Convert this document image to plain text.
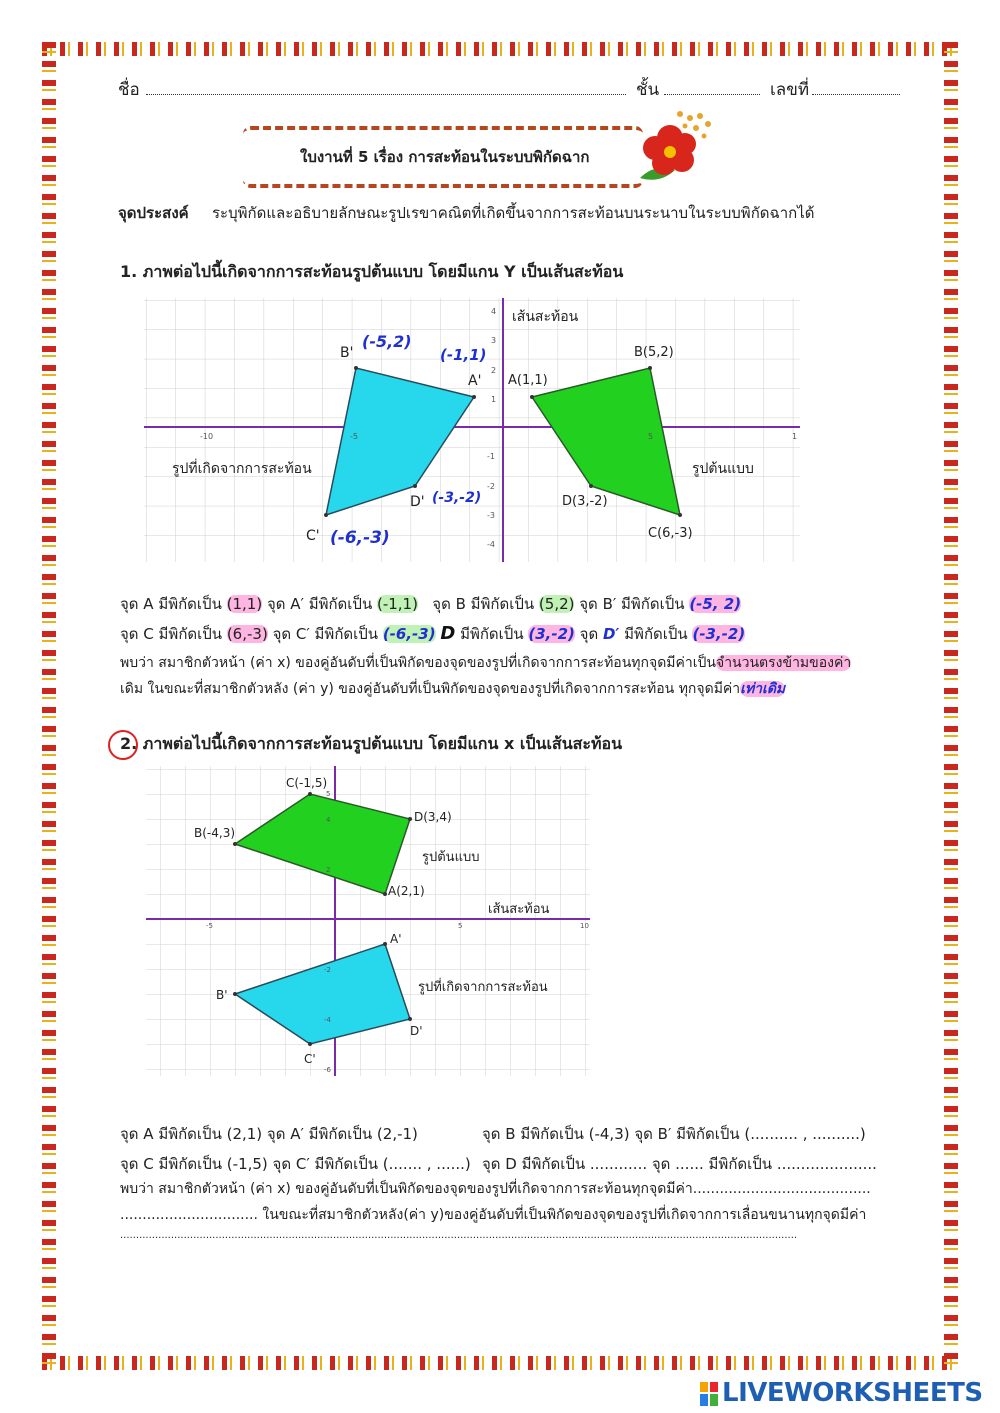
ชื่อ	ชั้น	เลขที่
ใบงานที่ 5 เรื่อง การสะท้อนในระบบพิกัดฉาก
จุดประสงค์ ระบุพิกัดและอธิบายลักษณะรูปเรขาคณิตที่เกิดขึ้นจากการสะท้อนบนระนาบในระบบพิกัดฉากได้
1. ภาพต่อไปนี้เกิดจากการสะท้อนรูปต้นแบบ โดยมีแกน Y เป็นเส้นสะท้อน
เส้นสะท้อน
รูปที่เกิดจากการสะท้อน	รูปต้นแบบ
A(1,1)
B(5,2)
C(6,-3)
D(3,-2)
A'
B'
C'
D'
(-5,2)
(-1,1)
(-6,-3)
(-3,-2)
-10	-5	5	1
4
3
2
1
-1
-2
-3
-4
จุด A มีพิกัดเป็น (1,1) จุด A′ มีพิกัดเป็น (-1,1) จุด B มีพิกัดเป็น (5,2) จุด B′ มีพิกัดเป็น (-5, 2)
จุด C มีพิกัดเป็น (6,-3) จุด C′ มีพิกัดเป็น (-6,-3) D มีพิกัดเป็น (3,-2) จุด D′ มีพิกัดเป็น (-3,-2)
พบว่า สมาชิกตัวหน้า (ค่า x) ของคู่อันดับที่เป็นพิกัดของจุดของรูปที่เกิดจากการสะท้อนทุกจุดมีค่าเป็นจำนวนตรงข้ามของค่า
เดิม ในขณะที่สมาชิกตัวหลัง (ค่า y) ของคู่อันดับที่เป็นพิกัดของจุดของรูปที่เกิดจากการสะท้อน ทุกจุดมีค่าเท่าเดิม
2. ภาพต่อไปนี้เกิดจากการสะท้อนรูปต้นแบบ โดยมีแกน x เป็นเส้นสะท้อน
A(2,1)
B(-4,3)
C(-1,5)
D(3,4)
รูปต้นแบบ
เส้นสะท้อน
A'
B'
C'
D'
รูปที่เกิดจากการสะท้อน
-5	5	10
5
4
2
-2
-4
-6
จุด A มีพิกัดเป็น (2,1) จุด A′ มีพิกัดเป็น (2,-1)	จุด B มีพิกัดเป็น (-4,3) จุด B′ มีพิกัดเป็น (.......... , ..........)
จุด C มีพิกัดเป็น (-1,5) จุด C′ มีพิกัดเป็น (....... , ......) จุด D มีพิกัดเป็น ............ จุด ...... มีพิกัดเป็น .....................
พบว่า สมาชิกตัวหน้า (ค่า x) ของคู่อันดับที่เป็นพิกัดของจุดของรูปที่เกิดจากการสะท้อนทุกจุดมีค่า........................................
............................... ในขณะที่สมาชิกตัวหลัง(ค่า y)ของคู่อันดับที่เป็นพิกัดของจุดของรูปที่เกิดจากการเลื่อนขนานทุกจุดมีค่า
.....................................................................................................................................................................................................................
LIVEWORKSHEETS
